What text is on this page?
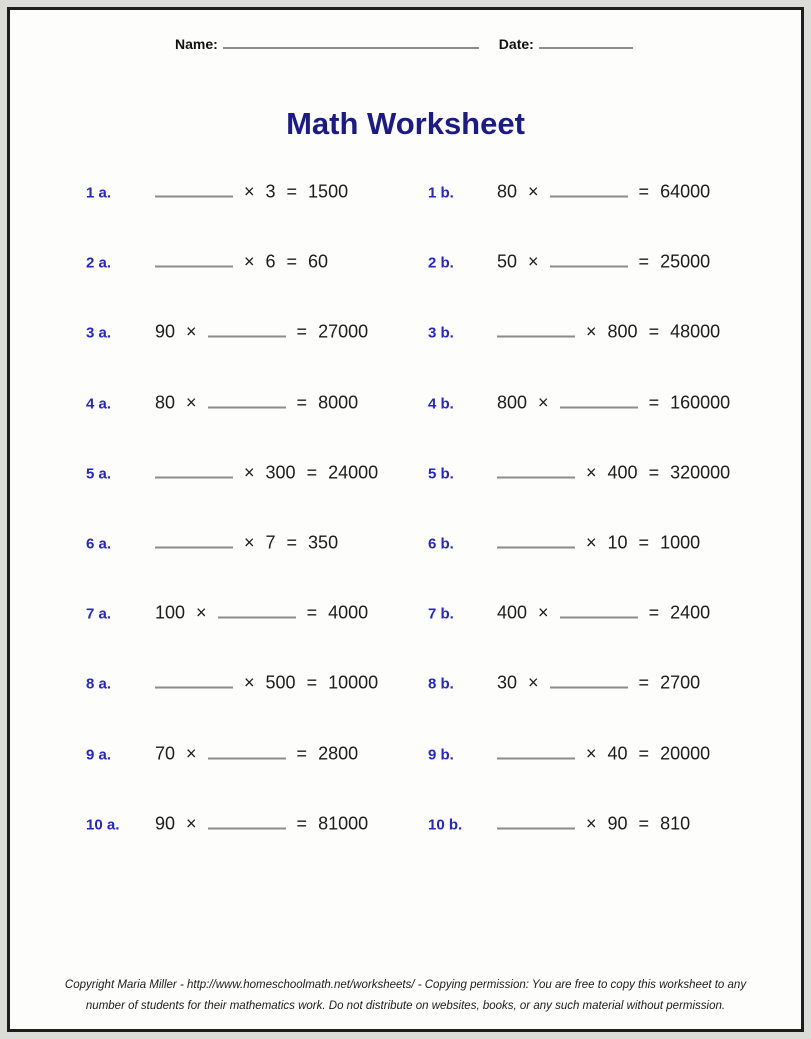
Name:	Date:
Math Worksheet
1 a.	× 3 = 1500	1 b.	80 ×	= 64000
2 a.	× 6 = 60	2 b.	50 ×	= 25000
3 a.	90 ×	= 27000	3 b.	× 800 = 48000
4 a.	80 ×	= 8000	4 b.	800 ×	= 160000
5 a.	× 300 = 24000	5 b.	× 400 = 320000
6 a.	× 7 = 350	6 b.	× 10 = 1000
7 a.	100 ×	= 4000	7 b.	400 ×	= 2400
8 a.	× 500 = 10000	8 b.	30 ×	= 2700
9 a.	70 ×	= 2800	9 b.	× 40 = 20000
10 a.	90 ×	= 81000	10 b.	× 90 = 810
Copyright Maria Miller - http://www.homeschoolmath.net/worksheets/ - Copying permission: You are free to copy this worksheet to any
number of students for their mathematics work. Do not distribute on websites, books, or any such material without permission.
